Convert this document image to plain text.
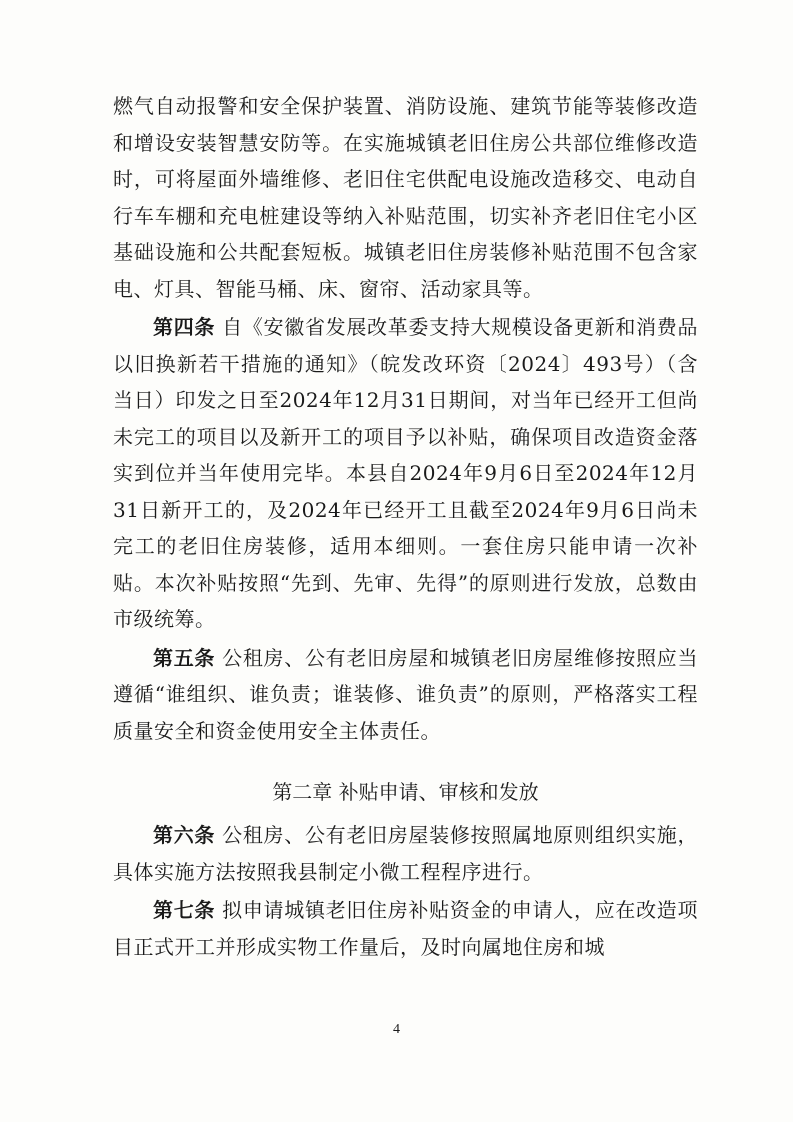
燃气自动报警和安全保护装置、消防设施、建筑节能等装修改造和增设安装智慧安防等。在实施城镇老旧住房公共部位维修改造时，可将屋面外墙维修、老旧住宅供配电设施改造移交、电动自行车车棚和充电桩建设等纳入补贴范围，切实补齐老旧住宅小区基础设施和公共配套短板。城镇老旧住房装修补贴范围不包含家电、灯具、智能马桶、床、窗帘、活动家具等。

第四条 自《安徽省发展改革委支持大规模设备更新和消费品以旧换新若干措施的通知》（皖发改环资〔2024〕493号）（含当日）印发之日至2024年12月31日期间，对当年已经开工但尚未完工的项目以及新开工的项目予以补贴，确保项目改造资金落实到位并当年使用完毕。本县自2024年9月6日至2024年12月31日新开工的，及2024年已经开工且截至2024年9月6日尚未完工的老旧住房装修，适用本细则。一套住房只能申请一次补贴。本次补贴按照“先到、先审、先得”的原则进行发放，总数由市级统筹。

第五条 公租房、公有老旧房屋和城镇老旧房屋维修按照应当遵循“谁组织、谁负责；谁装修、谁负责”的原则，严格落实工程质量安全和资金使用安全主体责任。

第二章 补贴申请、审核和发放

第六条 公租房、公有老旧房屋装修按照属地原则组织实施，具体实施方法按照我县制定小微工程程序进行。

第七条 拟申请城镇老旧住房补贴资金的申请人，应在改造项目正式开工并形成实物工作量后，及时向属地住房和城

4
